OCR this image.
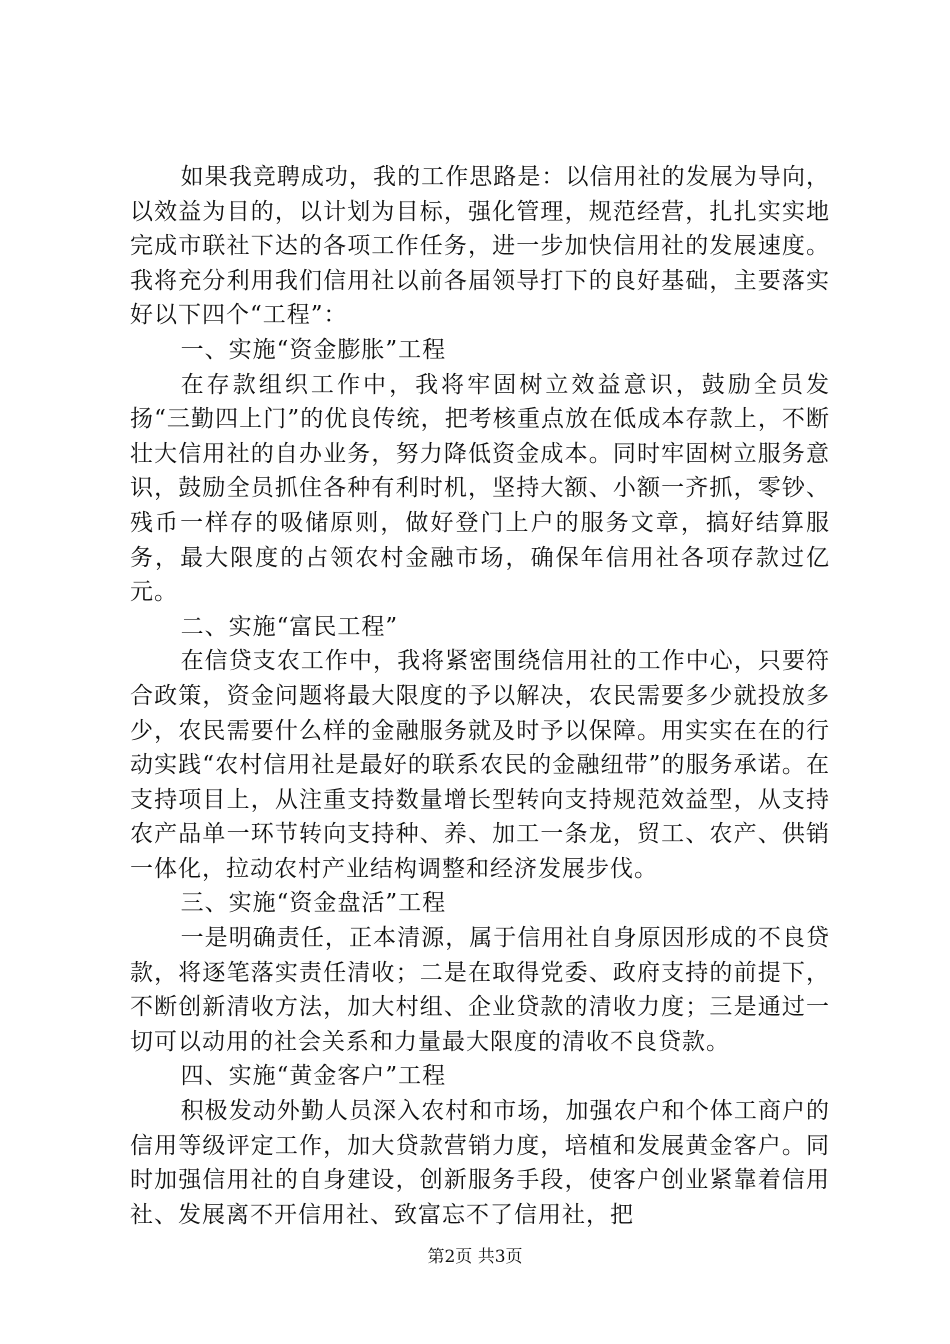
如果我竞聘成功，我的工作思路是：以信用社的发展为导向，以效益为目的，以计划为目标，强化管理，规范经营，扎扎实实地完成市联社下达的各项工作任务，进一步加快信用社的发展速度。我将充分利用我们信用社以前各届领导打下的良好基础，主要落实好以下四个“工程”：

一、实施“资金膨胀”工程

在存款组织工作中，我将牢固树立效益意识，鼓励全员发扬“三勤四上门”的优良传统，把考核重点放在低成本存款上，不断壮大信用社的自办业务，努力降低资金成本。同时牢固树立服务意识，鼓励全员抓住各种有利时机，坚持大额、小额一齐抓，零钞、残币一样存的吸储原则，做好登门上户的服务文章，搞好结算服务，最大限度的占领农村金融市场，确保年信用社各项存款过亿元。

二、实施“富民工程”

在信贷支农工作中，我将紧密围绕信用社的工作中心，只要符合政策，资金问题将最大限度的予以解决，农民需要多少就投放多少，农民需要什么样的金融服务就及时予以保障。用实实在在的行动实践“农村信用社是最好的联系农民的金融纽带”的服务承诺。在支持项目上，从注重支持数量增长型转向支持规范效益型，从支持农产品单一环节转向支持种、养、加工一条龙，贸工、农产、供销一体化，拉动农村产业结构调整和经济发展步伐。

三、实施“资金盘活”工程

一是明确责任，正本清源，属于信用社自身原因形成的不良贷款，将逐笔落实责任清收；二是在取得党委、政府支持的前提下，不断创新清收方法，加大村组、企业贷款的清收力度；三是通过一切可以动用的社会关系和力量最大限度的清收不良贷款。

四、实施“黄金客户”工程

积极发动外勤人员深入农村和市场，加强农户和个体工商户的信用等级评定工作，加大贷款营销力度，培植和发展黄金客户。同时加强信用社的自身建设，创新服务手段，使客户创业紧靠着信用社、发展离不开信用社、致富忘不了信用社，把

第2页 共3页
